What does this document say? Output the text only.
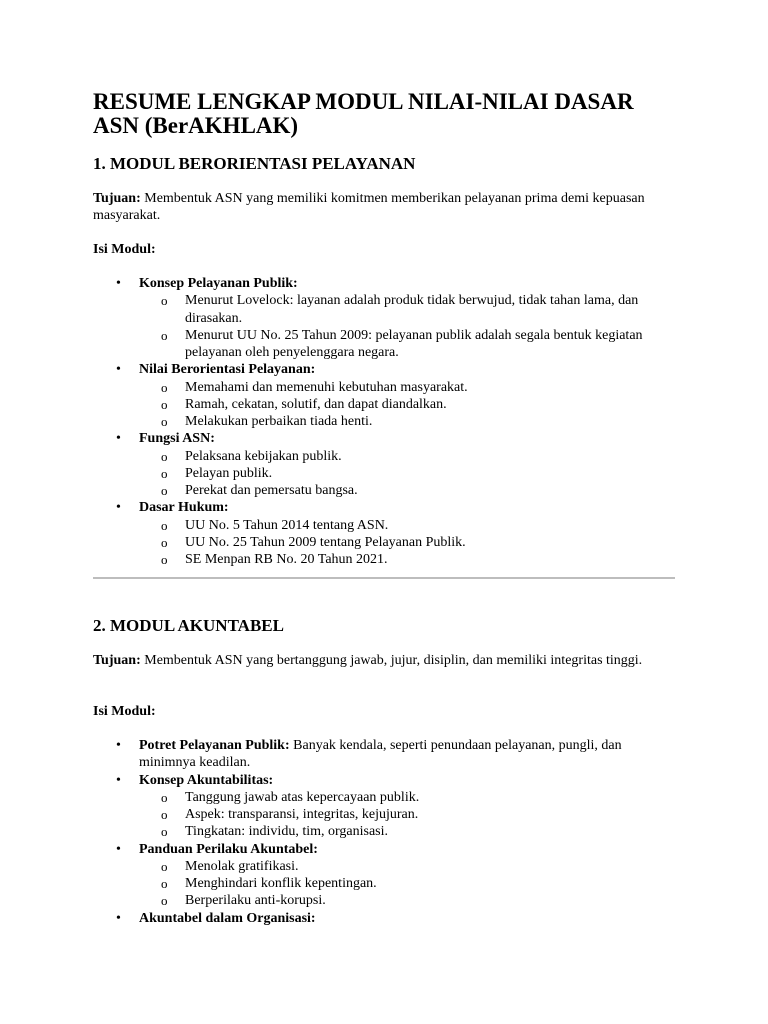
RESUME LENGKAP MODUL NILAI-NILAI DASAR ASN (BerAKHLAK)
1. MODUL BERORIENTASI PELAYANAN

Tujuan: Membentuk ASN yang memiliki komitmen memberikan pelayanan prima demi kepuasan masyarakat.

Isi Modul:

• Konsep Pelayanan Publik:
o Menurut Lovelock: layanan adalah produk tidak berwujud, tidak tahan lama, dan dirasakan.
o Menurut UU No. 25 Tahun 2009: pelayanan publik adalah segala bentuk kegiatan pelayanan oleh penyelenggara negara.
• Nilai Berorientasi Pelayanan:
o Memahami dan memenuhi kebutuhan masyarakat.
o Ramah, cekatan, solutif, dan dapat diandalkan.
o Melakukan perbaikan tiada henti.
• Fungsi ASN:
o Pelaksana kebijakan publik.
o Pelayan publik.
o Perekat dan pemersatu bangsa.
• Dasar Hukum:
o UU No. 5 Tahun 2014 tentang ASN.
o UU No. 25 Tahun 2009 tentang Pelayanan Publik.
o SE Menpan RB No. 20 Tahun 2021.
2. MODUL AKUNTABEL

Tujuan: Membentuk ASN yang bertanggung jawab, jujur, disiplin, dan memiliki integritas tinggi.

Isi Modul:

• Potret Pelayanan Publik: Banyak kendala, seperti penundaan pelayanan, pungli, dan minimnya keadilan.
• Konsep Akuntabilitas:
o Tanggung jawab atas kepercayaan publik.
o Aspek: transparansi, integritas, kejujuran.
o Tingkatan: individu, tim, organisasi.
• Panduan Perilaku Akuntabel:
o Menolak gratifikasi.
o Menghindari konflik kepentingan.
o Berperilaku anti-korupsi.
• Akuntabel dalam Organisasi:
